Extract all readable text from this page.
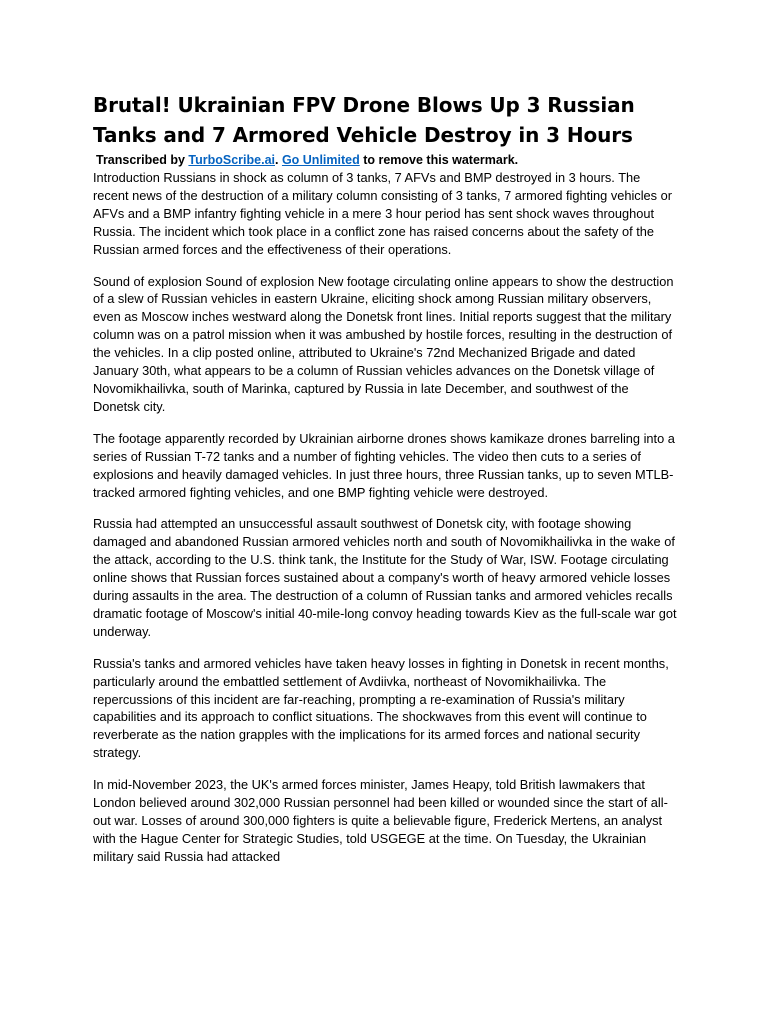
Brutal! Ukrainian FPV Drone Blows Up 3 Russian Tanks and 7 Armored Vehicle Destroy in 3 Hours
Transcribed by TurboScribe.ai. Go Unlimited to remove this watermark.

Introduction Russians in shock as column of 3 tanks, 7 AFVs and BMP destroyed in 3 hours. The recent news of the destruction of a military column consisting of 3 tanks, 7 armored fighting vehicles or AFVs and a BMP infantry fighting vehicle in a mere 3 hour period has sent shock waves throughout Russia. The incident which took place in a conflict zone has raised concerns about the safety of the Russian armed forces and the effectiveness of their operations.

Sound of explosion Sound of explosion New footage circulating online appears to show the destruction of a slew of Russian vehicles in eastern Ukraine, eliciting shock among Russian military observers, even as Moscow inches westward along the Donetsk front lines. Initial reports suggest that the military column was on a patrol mission when it was ambushed by hostile forces, resulting in the destruction of the vehicles. In a clip posted online, attributed to Ukraine's 72nd Mechanized Brigade and dated January 30th, what appears to be a column of Russian vehicles advances on the Donetsk village of Novomikhailivka, south of Marinka, captured by Russia in late December, and southwest of the Donetsk city.

The footage apparently recorded by Ukrainian airborne drones shows kamikaze drones barreling into a series of Russian T-72 tanks and a number of fighting vehicles. The video then cuts to a series of explosions and heavily damaged vehicles. In just three hours, three Russian tanks, up to seven MTLB-tracked armored fighting vehicles, and one BMP fighting vehicle were destroyed.

Russia had attempted an unsuccessful assault southwest of Donetsk city, with footage showing damaged and abandoned Russian armored vehicles north and south of Novomikhailivka in the wake of the attack, according to the U.S. think tank, the Institute for the Study of War, ISW. Footage circulating online shows that Russian forces sustained about a company's worth of heavy armored vehicle losses during assaults in the area. The destruction of a column of Russian tanks and armored vehicles recalls dramatic footage of Moscow's initial 40-mile-long convoy heading towards Kiev as the full-scale war got underway.

Russia's tanks and armored vehicles have taken heavy losses in fighting in Donetsk in recent months, particularly around the embattled settlement of Avdiivka, northeast of Novomikhailivka. The repercussions of this incident are far-reaching, prompting a re-examination of Russia's military capabilities and its approach to conflict situations. The shockwaves from this event will continue to reverberate as the nation grapples with the implications for its armed forces and national security strategy.

In mid-November 2023, the UK's armed forces minister, James Heapy, told British lawmakers that London believed around 302,000 Russian personnel had been killed or wounded since the start of all-out war. Losses of around 300,000 fighters is quite a believable figure, Frederick Mertens, an analyst with the Hague Center for Strategic Studies, told USGEGE at the time. On Tuesday, the Ukrainian military said Russia had attacked
